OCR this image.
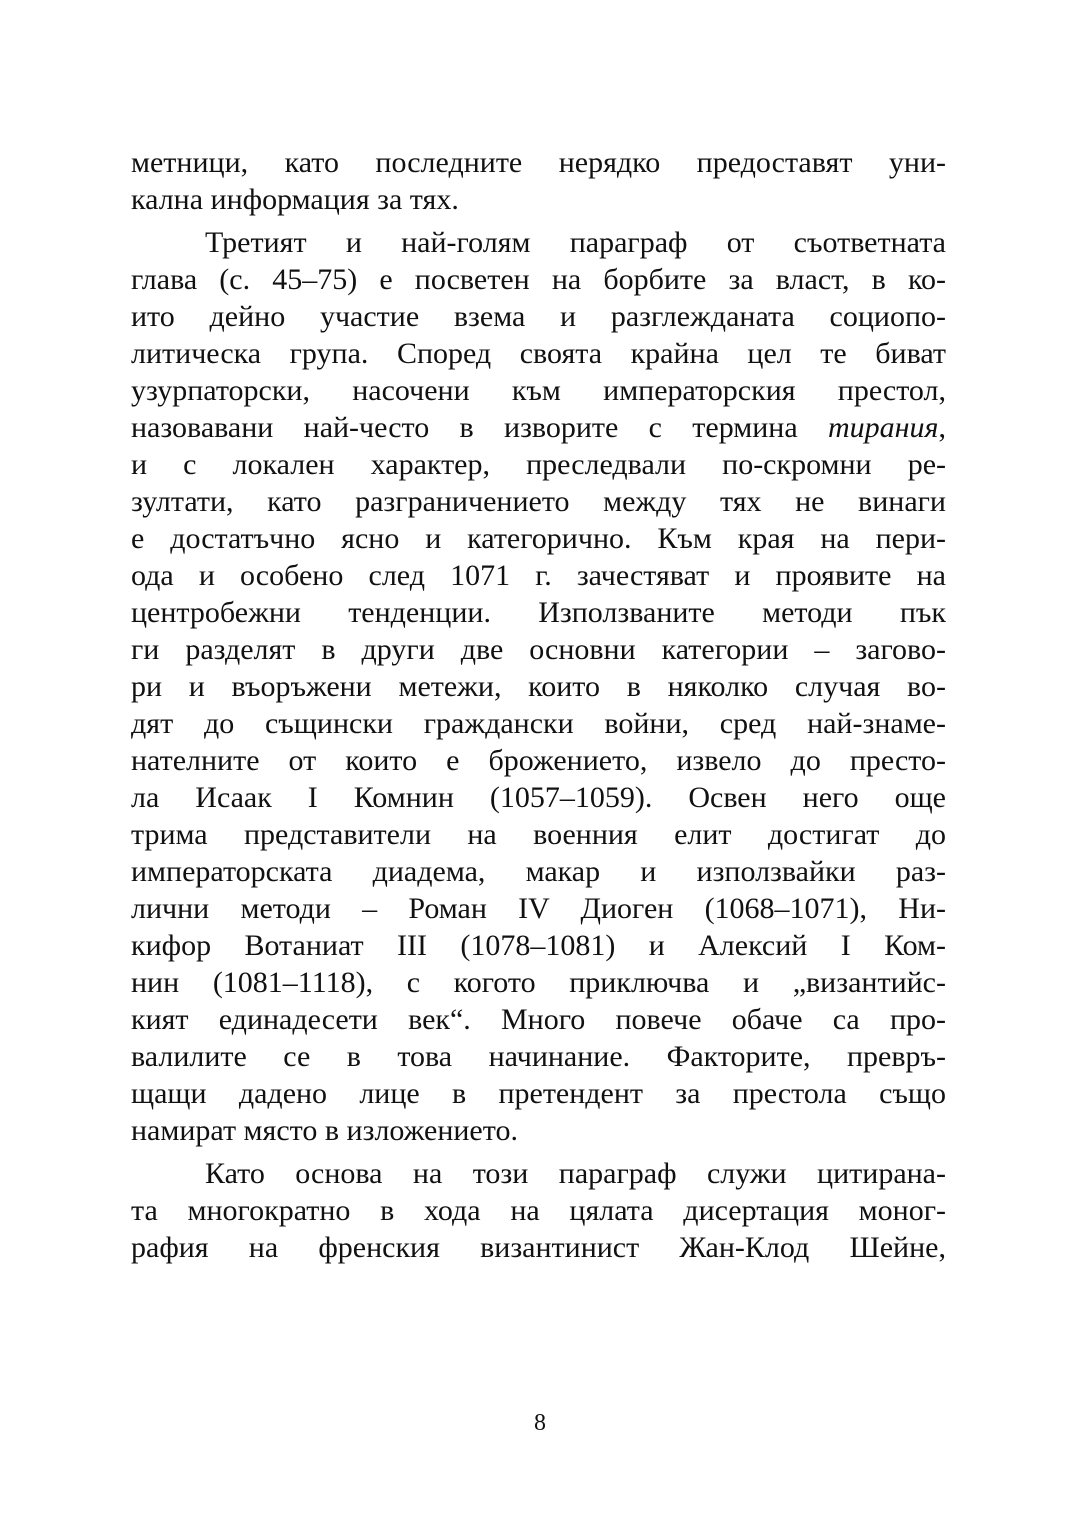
метници, като последните нерядко предоставят уни-
кална информация за тях.
Третият и най-голям параграф от съответната
глава (с. 45–75) е посветен на борбите за власт, в ко-
ито дейно участие взема и разглежданата социопо-
литическа група. Според своята крайна цел те биват
узурпаторски, насочени към императорския престол,
назовавани най-често в изворите с термина тирания,
и с локален характер, преследвали по-скромни ре-
зултати, като разграничението между тях не винаги
е достатъчно ясно и категорично. Към края на пери-
ода и особено след 1071 г. зачестяват и проявите на
центробежни тенденции. Използваните методи пък
ги разделят в други две основни категории – загово-
ри и въоръжени метежи, които в няколко случая во-
дят до същински граждански войни, сред най-знаме-
нателните от които е брожението, извело до престо-
ла Исаак I Комнин (1057–1059). Освен него още
трима представители на военния елит достигат до
императорската диадема, макар и използвайки раз-
лични методи – Роман IV Диоген (1068–1071), Ни-
кифор Вотаниат III (1078–1081) и Алексий I Ком-
нин (1081–1118), с когото приключва и „византийс-
кият единадесети век“. Много повече обаче са про-
валилите се в това начинание. Факторите, превръ-
щащи дадено лице в претендент за престола също
намират място в изложението.
Като основа на този параграф служи цитирана-
та многократно в хода на цялата дисертация моног-
рафия на френския византинист Жан-Клод Шейне,
8
